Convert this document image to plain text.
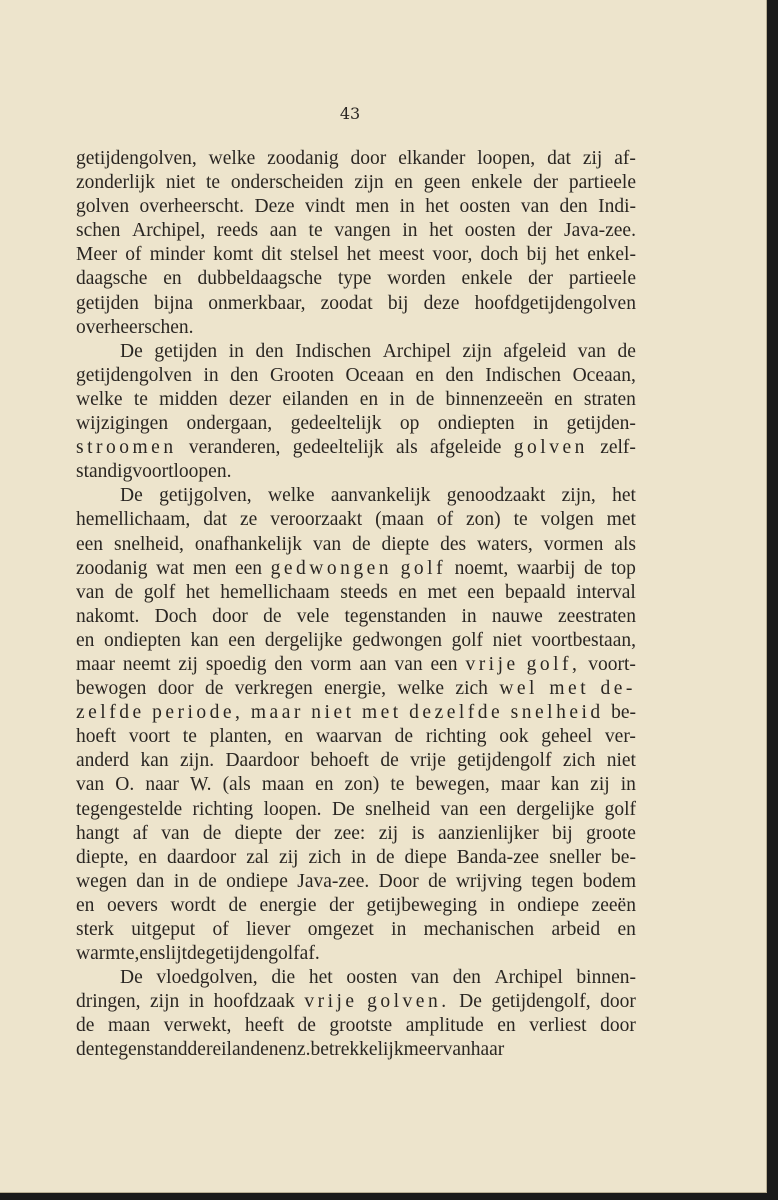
43
getijdengolven, welke zoodanig door elkander loopen, dat zij af-
zonderlijk niet te onderscheiden zijn en geen enkele der partieele
golven overheerscht. Deze vindt men in het oosten van den Indi-
schen Archipel, reeds aan te vangen in het oosten der Java-zee.
Meer of minder komt dit stelsel het meest voor, doch bij het enkel-
daagsche en dubbeldaagsche type worden enkele der partieele
getijden bijna onmerkbaar, zoodat bij deze hoofdgetijdengolven
overheerschen.
De getijden in den Indischen Archipel zijn afgeleid van de
getijdengolven in den Grooten Oceaan en den Indischen Oceaan,
welke te midden dezer eilanden en in de binnenzeeën en straten
wijzigingen ondergaan, gedeeltelijk op ondiepten in getijden-
stroomen veranderen, gedeeltelijk als afgeleide golven zelf-
standig voortloopen.
De getijgolven, welke aanvankelijk genoodzaakt zijn, het
hemellichaam, dat ze veroorzaakt (maan of zon) te volgen met
een snelheid, onafhankelijk van de diepte des waters, vormen als
zoodanig wat men een gedwongen golf noemt, waarbij de top
van de golf het hemellichaam steeds en met een bepaald interval
nakomt. Doch door de vele tegenstanden in nauwe zeestraten
en ondiepten kan een dergelijke gedwongen golf niet voortbestaan,
maar neemt zij spoedig den vorm aan van een vrije golf, voort-
bewogen door de verkregen energie, welke zich wel met de-
zelfde periode, maar niet met dezelfde snelheid be-
hoeft voort te planten, en waarvan de richting ook geheel ver-
anderd kan zijn. Daardoor behoeft de vrije getijdengolf zich niet
van O. naar W. (als maan en zon) te bewegen, maar kan zij in
tegengestelde richting loopen. De snelheid van een dergelijke golf
hangt af van de diepte der zee: zij is aanzienlijker bij groote
diepte, en daardoor zal zij zich in de diepe Banda-zee sneller be-
wegen dan in de ondiepe Java-zee. Door de wrijving tegen bodem
en oevers wordt de energie der getijbeweging in ondiepe zeeën
sterk uitgeput of liever omgezet in mechanischen arbeid en
warmte, en slijt de getijdengolf af.
De vloedgolven, die het oosten van den Archipel binnen-
dringen, zijn in hoofdzaak vrije golven. De getijdengolf, door
de maan verwekt, heeft de grootste amplitude en verliest door
den tegenstand der eilanden enz. betrekkelijk meer van haar
